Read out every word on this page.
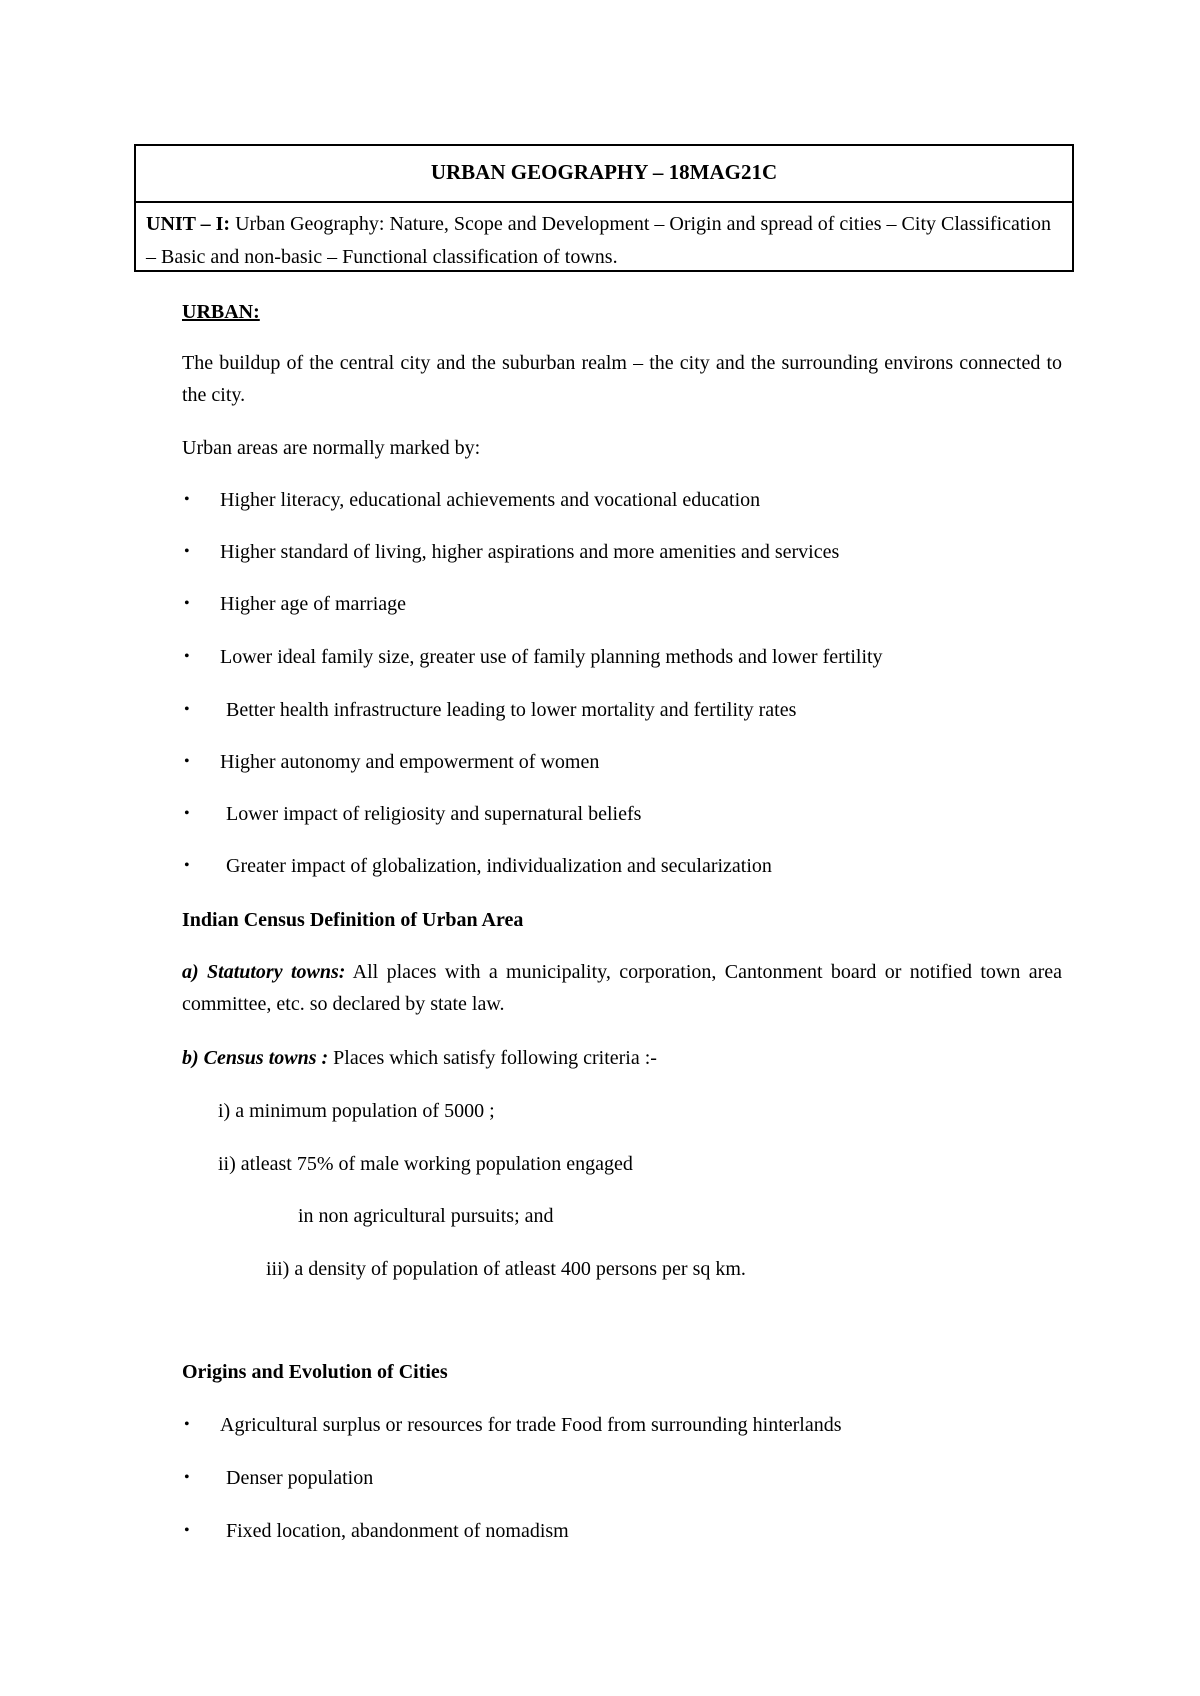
URBAN GEOGRAPHY – 18MAG21C
UNIT – I: Urban Geography: Nature, Scope and Development – Origin and spread of cities – City Classification – Basic and non-basic – Functional classification of towns.
URBAN:
The buildup of the central city and the suburban realm – the city and the surrounding environs connected to the city.
Urban areas are normally marked by:
• Higher literacy, educational achievements and vocational education
• Higher standard of living, higher aspirations and more amenities and services
• Higher age of marriage
• Lower ideal family size, greater use of family planning methods and lower fertility
• Better health infrastructure leading to lower mortality and fertility rates
• Higher autonomy and empowerment of women
• Lower impact of religiosity and supernatural beliefs
• Greater impact of globalization, individualization and secularization
Indian Census Definition of Urban Area
a) Statutory towns: All places with a municipality, corporation, Cantonment board or notified town area committee, etc. so declared by state law.
b) Census towns : Places which satisfy following criteria :-
i) a minimum population of 5000 ;
ii) atleast 75% of male working population engaged
in non agricultural pursuits; and
iii) a density of population of atleast 400 persons per sq km.
Origins and Evolution of Cities
• Agricultural surplus or resources for trade Food from surrounding hinterlands
• Denser population
• Fixed location, abandonment of nomadism
